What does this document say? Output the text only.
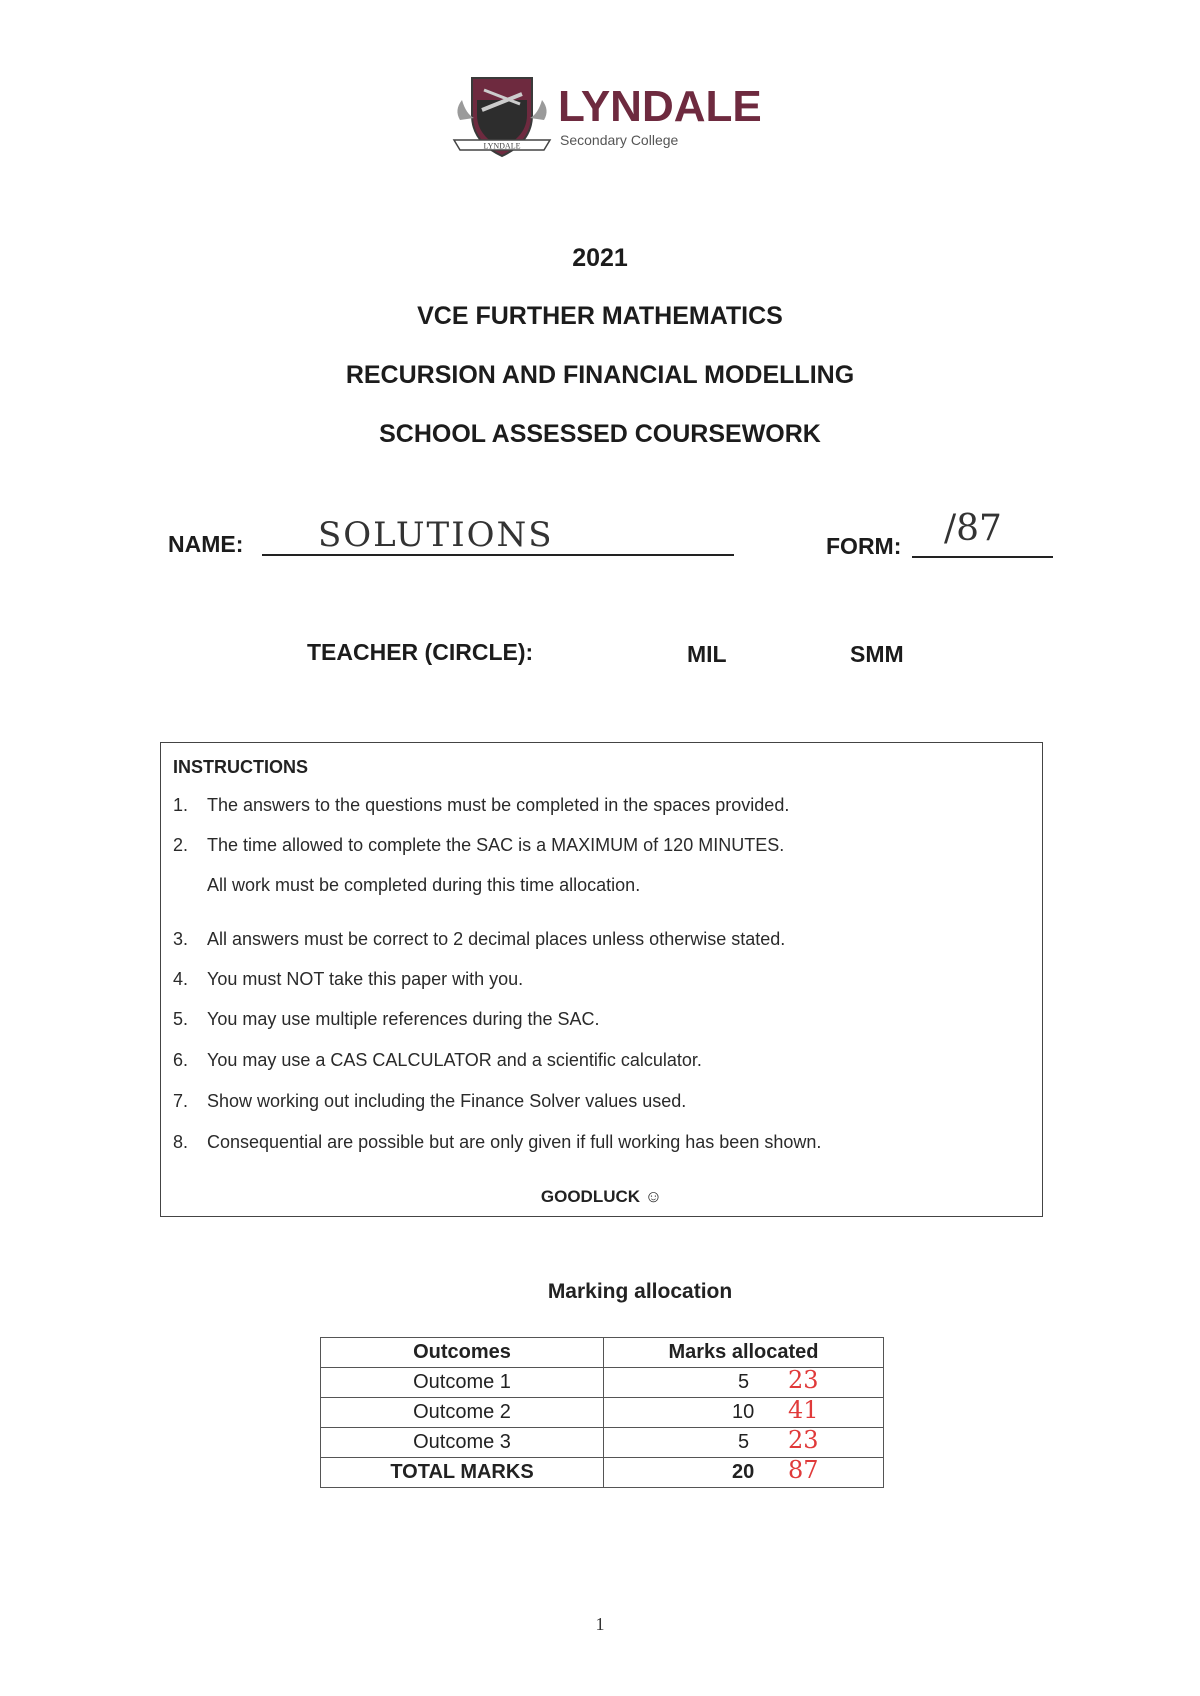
LYNDALE
LYNDALE
Secondary College
2021
VCE FURTHER MATHEMATICS
RECURSION AND FINANCIAL MODELLING
SCHOOL ASSESSED COURSEWORK
NAME: SOLUTIONS	FORM: /87
TEACHER (CIRCLE):	MIL	SMM
INSTRUCTIONS
1. The answers to the questions must be completed in the spaces provided.
2. The time allowed to complete the SAC is a MAXIMUM of 120 MINUTES.
All work must be completed during this time allocation.
3. All answers must be correct to 2 decimal places unless otherwise stated.
4. You must NOT take this paper with you.
5. You may use multiple references during the SAC.
6. You may use a CAS CALCULATOR and a scientific calculator.
7. Show working out including the Finance Solver values used.
8. Consequential are possible but are only given if full working has been shown.
GOODLUCK ☺
Marking allocation
Outcomes	Marks allocated
Outcome 1	5 23

Outcome 2	10 41

Outcome 3	5 23

TOTAL MARKS	20 87
1
